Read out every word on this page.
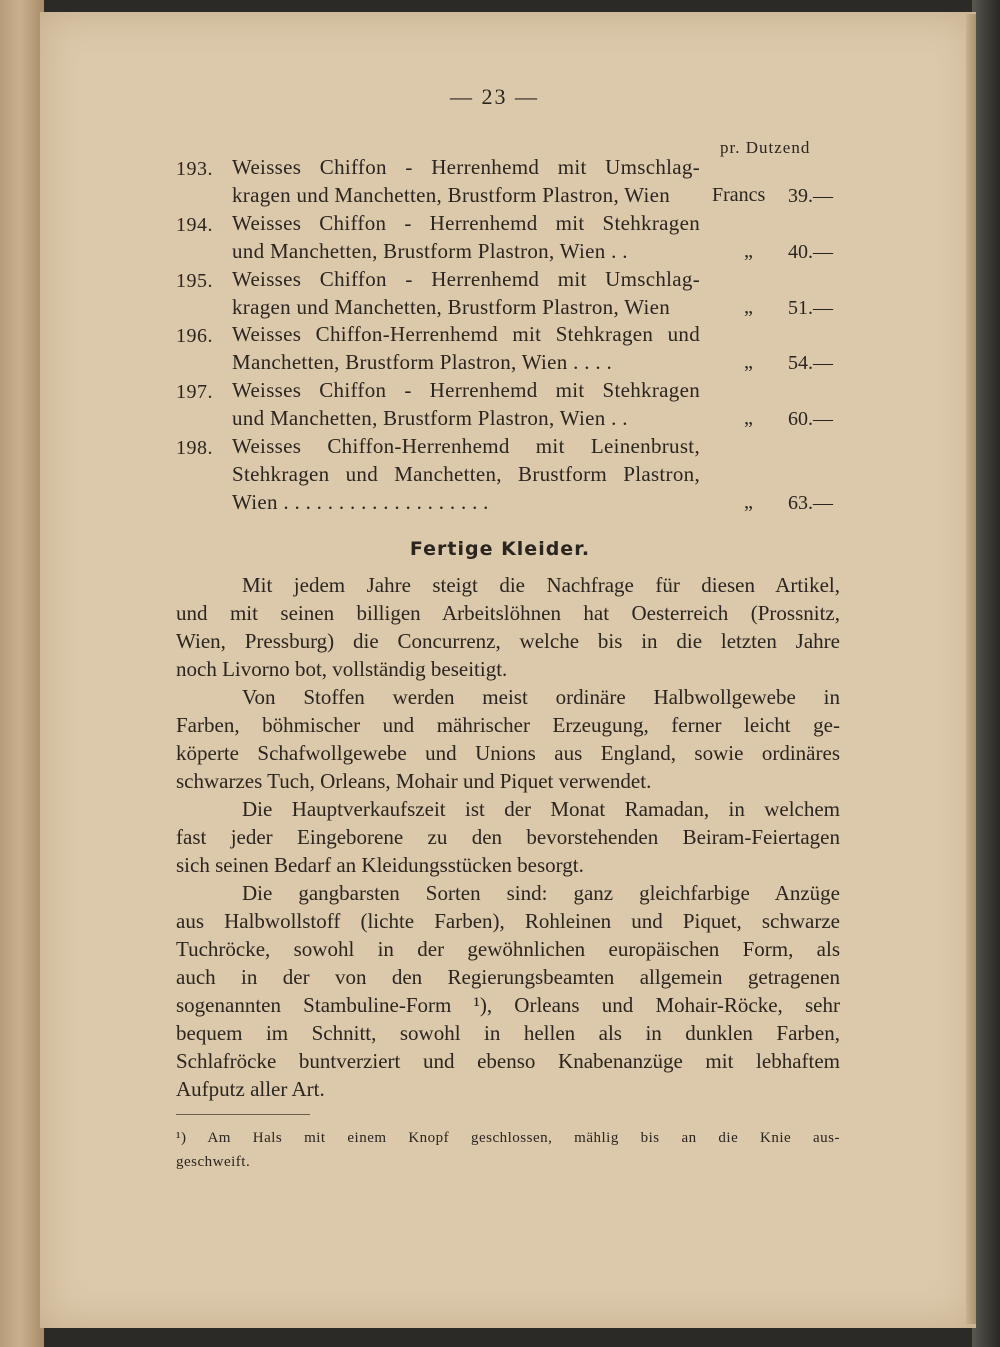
— 23 —
pr. Dutzend
193. Weisses Chiffon - Herrenhemd mit Umschlag-
kragen und Manchetten, Brustform Plastron, Wien Francs 39.—
194. Weisses Chiffon - Herrenhemd mit Stehkragen
und Manchetten, Brustform Plastron, Wien . .	„ 40.—
195. Weisses Chiffon - Herrenhemd mit Umschlag-
kragen und Manchetten, Brustform Plastron, Wien	„ 51.—
196. Weisses Chiffon-Herrenhemd mit Stehkragen und
Manchetten, Brustform Plastron, Wien . . . .	„ 54.—
197. Weisses Chiffon - Herrenhemd mit Stehkragen
und Manchetten, Brustform Plastron, Wien . .	„ 60.—
198. Weisses Chiffon-Herrenhemd mit Leinenbrust,
Stehkragen und Manchetten, Brustform Plastron,
Wien . . . . . . . . . . . . . . . . . . .	„ 63.—
Fertige Kleider.
Mit jedem Jahre steigt die Nachfrage für diesen Artikel,
und mit seinen billigen Arbeitslöhnen hat Oesterreich (Prossnitz,
Wien, Pressburg) die Concurrenz, welche bis in die letzten Jahre
noch Livorno bot, vollständig beseitigt.
Von Stoffen werden meist ordinäre Halbwollgewebe in
Farben, böhmischer und mährischer Erzeugung, ferner leicht ge-
köperte Schafwollgewebe und Unions aus England, sowie ordinäres
schwarzes Tuch, Orleans, Mohair und Piquet verwendet.
Die Hauptverkaufszeit ist der Monat Ramadan, in welchem
fast jeder Eingeborene zu den bevorstehenden Beiram-Feiertagen
sich seinen Bedarf an Kleidungsstücken besorgt.
Die gangbarsten Sorten sind: ganz gleichfarbige Anzüge
aus Halbwollstoff (lichte Farben), Rohleinen und Piquet, schwarze
Tuchröcke, sowohl in der gewöhnlichen europäischen Form, als
auch in der von den Regierungsbeamten allgemein getragenen
sogenannten Stambuline-Form ¹), Orleans und Mohair-Röcke, sehr
bequem im Schnitt, sowohl in hellen als in dunklen Farben,
Schlafröcke buntverziert und ebenso Knabenanzüge mit lebhaftem
Aufputz aller Art.
¹) Am Hals mit einem Knopf geschlossen, mählig bis an die Knie aus-
geschweift.
